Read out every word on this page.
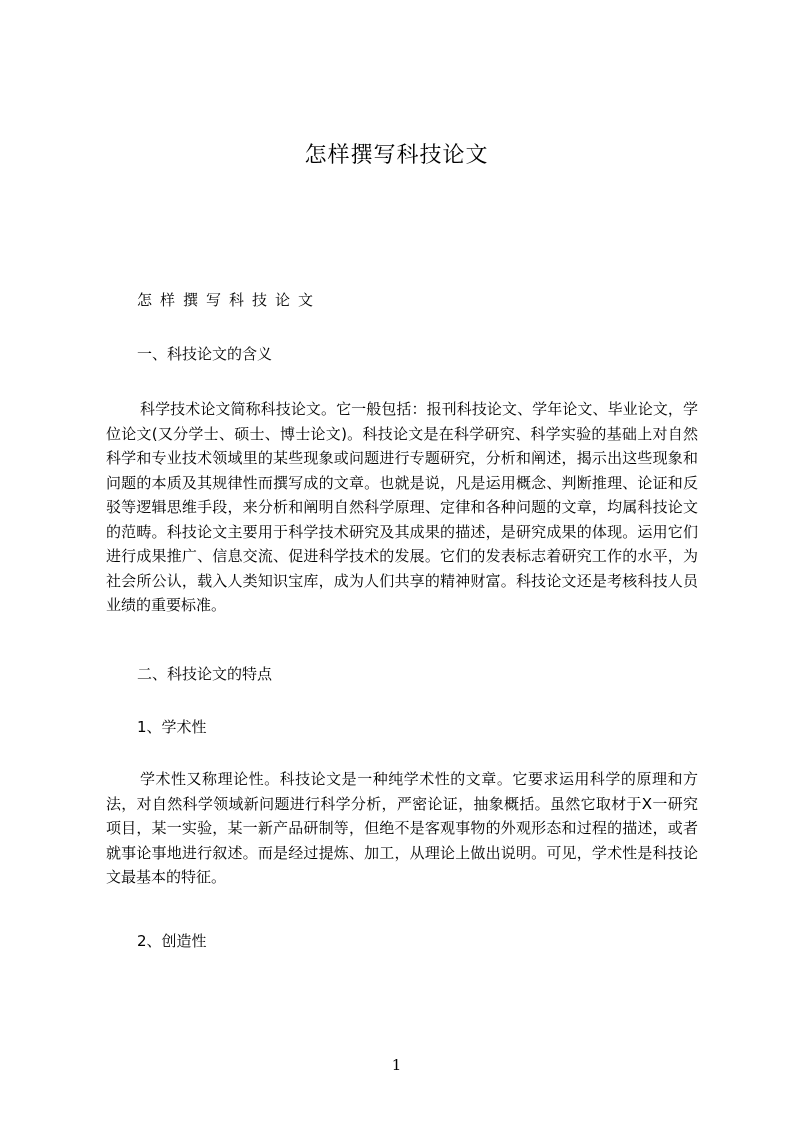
怎样撰写科技论文
怎样撰写科技论文
一、科技论文的含义

科学技术论文简称科技论文。它一般包括：报刊科技论文、学年论文、毕业论文，学位论文(又分学士、硕士、博士论文)。科技论文是在科学研究、科学实验的基础上对自然科学和专业技术领域里的某些现象或问题进行专题研究，分析和阐述，揭示出这些现象和问题的本质及其规律性而撰写成的文章。也就是说，凡是运用概念、判断推理、论证和反驳等逻辑思维手段，来分析和阐明自然科学原理、定律和各种问题的文章，均属科技论文的范畴。科技论文主要用于科学技术研究及其成果的描述，是研究成果的体现。运用它们进行成果推广、信息交流、促进科学技术的发展。它们的发表标志着研究工作的水平，为社会所公认，载入人类知识宝库，成为人们共享的精神财富。科技论文还是考核科技人员业绩的重要标准。

二、科技论文的特点
1、学术性

学术性又称理论性。科技论文是一种纯学术性的文章。它要求运用科学的原理和方法，对自然科学领域新问题进行科学分析，严密论证，抽象概括。虽然它取材于X一研究项目，某一实验，某一新产品研制等，但绝不是客观事物的外观形态和过程的描述，或者就事论事地进行叙述。而是经过提炼、加工，从理论上做出说明。可见，学术性是科技论文最基本的特征。

2、创造性
1
